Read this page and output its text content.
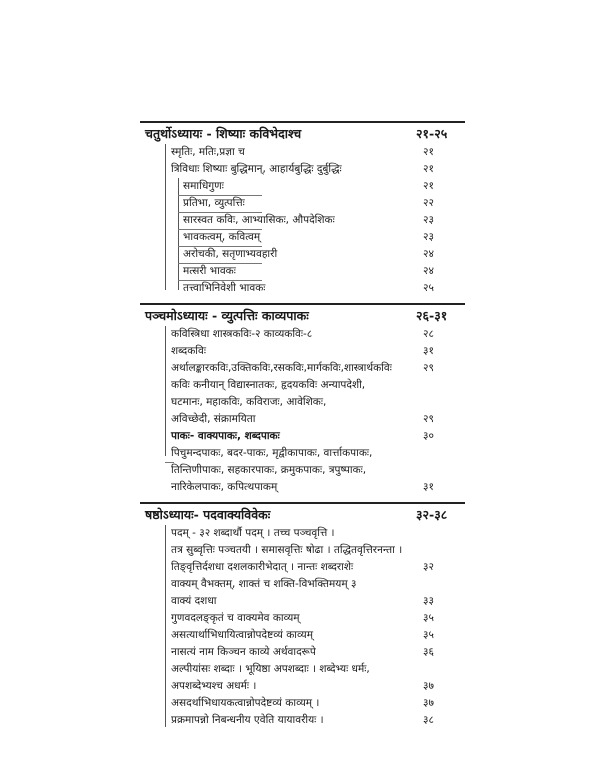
चतुर्थोऽध्यायः - शिष्याः कविभेदाश्च	२१-२५
स्मृतिः, मतिः,प्रज्ञा च	२१
त्रिविधाः शिष्याः बुद्धिमान्, आहार्यबुद्धिः दुर्बुद्धिः	२१
समाधिगुणः	२१
प्रतिभा, व्युत्पत्तिः	२२
सारस्वत कविः, आभ्यासिकः, औपदेशिकः	२३
भावकत्वम्, कवित्वम्	२३
अरोचकी, सतृणाभ्यवहारी	२४
मत्सरी भावकः	२४
तत्त्वाभिनिवेशी भावकः	२५
पञ्चमोऽध्यायः - व्युत्पत्तिः काव्यपाकः	२६-३१
कविस्त्रिधा शास्त्रकविः-२ काव्यकविः-८	२८
शब्दकविः	३१
अर्थालङ्कारकविः,उक्तिकविः,रसकविः,मार्गकविः,शास्त्रार्थकविः	२९
कविः कनीयान् विद्यास्नातकः, हृदयकविः अन्यापदेशी,
घटमानः, महाकविः, कविराजः, आवेशिकः,
अविच्छेदी, संक्रामयिता	२९
पाकः- वाक्यपाकः, शब्दपाकः	३०
पिचुमन्दपाकः, बदर-पाकः, मृद्वीकापाकः, वार्त्ताकपाकः,
तिन्तिणीपाकः, सहकारपाकः, क्रमुकपाकः, त्रपुष्पाकः,
नारिकेलपाकः, कपित्थपाकम्	३१
षष्ठोऽध्यायः- पदवाक्यविवेकः	३२-३८
पदम् - ३२ शब्दार्थौ पदम् । तच्च पञ्चवृत्ति ।
तत्र सुब्वृत्तिः पञ्चतयी । समासवृत्तिः षोढा । तद्धितवृत्तिरनन्ता ।
तिङ्वृत्तिर्दशधा दशलकारीभेदात् । नान्तः शब्दराशेः	३२
वाक्यम् वैभक्तम्, शाक्तं च शक्ति-विभक्तिमयम् ३
वाक्यं दशधा	३३
गुणवदलङ्कृतं च वाक्यमेव काव्यम्	३५
असत्यार्थाभिधायित्वान्नोपदेष्टव्यं काव्यम्	३५
नासत्यं नाम किञ्चन काव्ये अर्थवादरूपे	३६
अल्पीयांसः शब्दाः । भूयिष्ठा अपशब्दाः । शब्देभ्यः धर्मः,
अपशब्देभ्यश्च अधर्मः ।	३७
असदर्थाभिधायकत्वान्नोपदेष्टव्यं काव्यम् ।	३७
प्रक्रमापन्नो निबन्धनीय एवेति यायावरीयः ।	३८
